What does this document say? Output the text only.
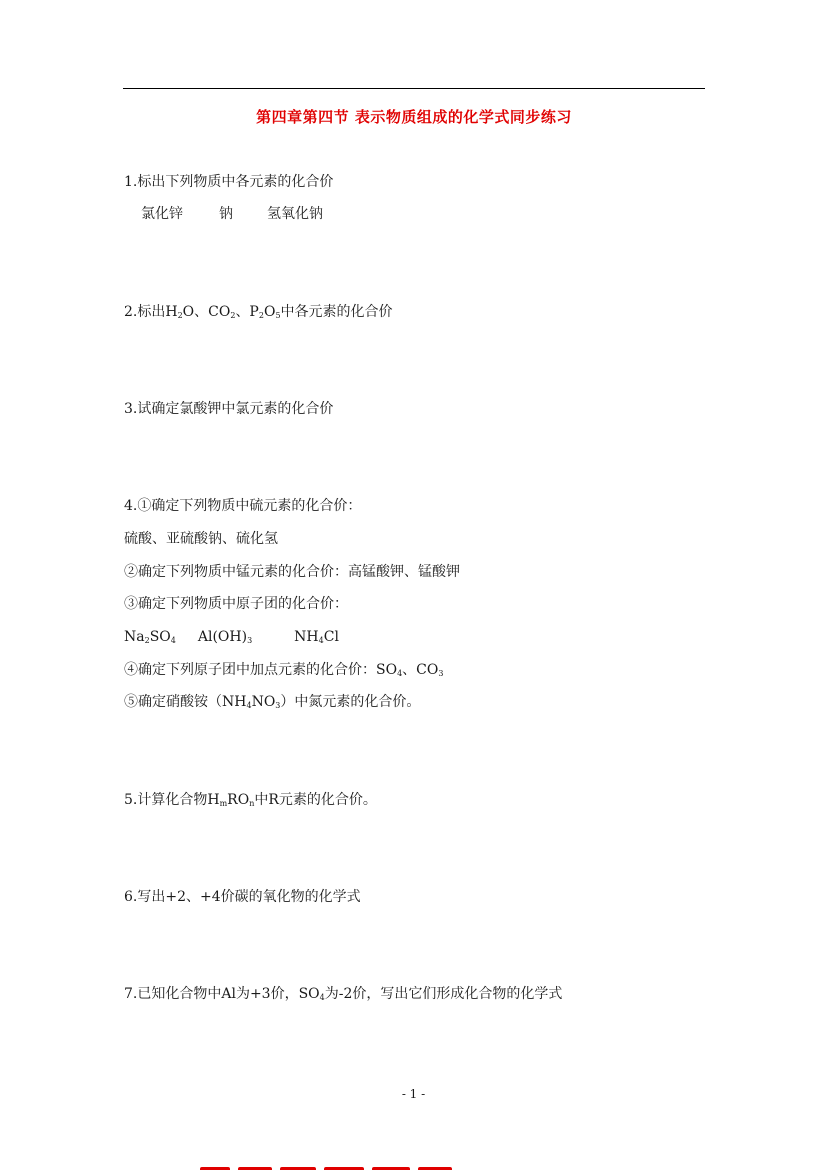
第四章第四节 表示物质组成的化学式同步练习
1.标出下列物质中各元素的化合价
氯化锌	钠 氢氧化钠
2.标出$H_2O$、$CO_2$、$P_2O_5$中各元素的化合价
3.试确定氯酸钾中氯元素的化合价
4.①确定下列物质中硫元素的化合价：
硫酸、亚硫酸钠、硫化氢
②确定下列物质中锰元素的化合价：高锰酸钾、锰酸钾
③确定下列物质中原子团的化合价：
$Na_2SO_4$ $Al(OH)_3$	$NH_4Cl$
④确定下列原子团中加点元素的化合价：$SO_4$、$CO_3$
⑤确定硝酸铵$(NH_4NO_3)$中氮元素的化合价。
5.计算化合物$H_mRO_n$中R元素的化合价。
6.写出+2、+4价碳的氧化物的化学式
7.已知化合物中Al为+3价，$SO_4$为-2价，写出它们形成化合物的化学式
- 1 -
